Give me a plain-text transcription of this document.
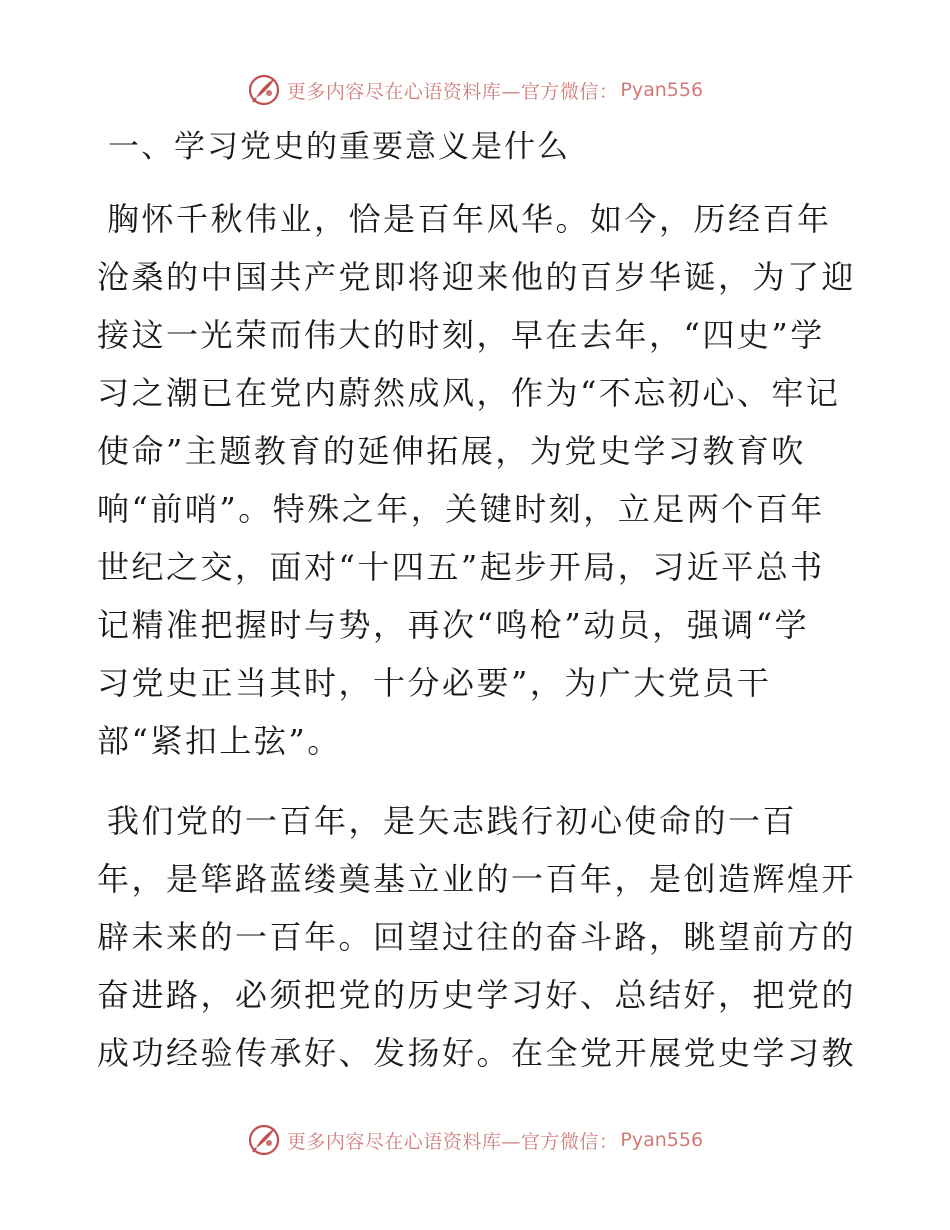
更多内容尽在心语资料库—官方微信： Pyan556
一、学习党史的重要意义是什么
胸怀千秋伟业，恰是百年风华。如今，历经百年
沧桑的中国共产党即将迎来他的百岁华诞，为了迎
接这一光荣而伟大的时刻，早在去年，“四史”学
习之潮已在党内蔚然成风，作为“不忘初心、牢记
使命”主题教育的延伸拓展，为党史学习教育吹
响“前哨”。特殊之年，关键时刻，立足两个百年
世纪之交，面对“十四五”起步开局，习近平总书
记精准把握时与势，再次“鸣枪”动员，强调“学
习党史正当其时，十分必要”，为广大党员干
部“紧扣上弦”。
我们党的一百年，是矢志践行初心使命的一百
年，是筚路蓝缕奠基立业的一百年，是创造辉煌开
辟未来的一百年。回望过往的奋斗路，眺望前方的
奋进路，必须把党的历史学习好、总结好，把党的
成功经验传承好、发扬好。在全党开展党史学习教
更多内容尽在心语资料库—官方微信： Pyan556
